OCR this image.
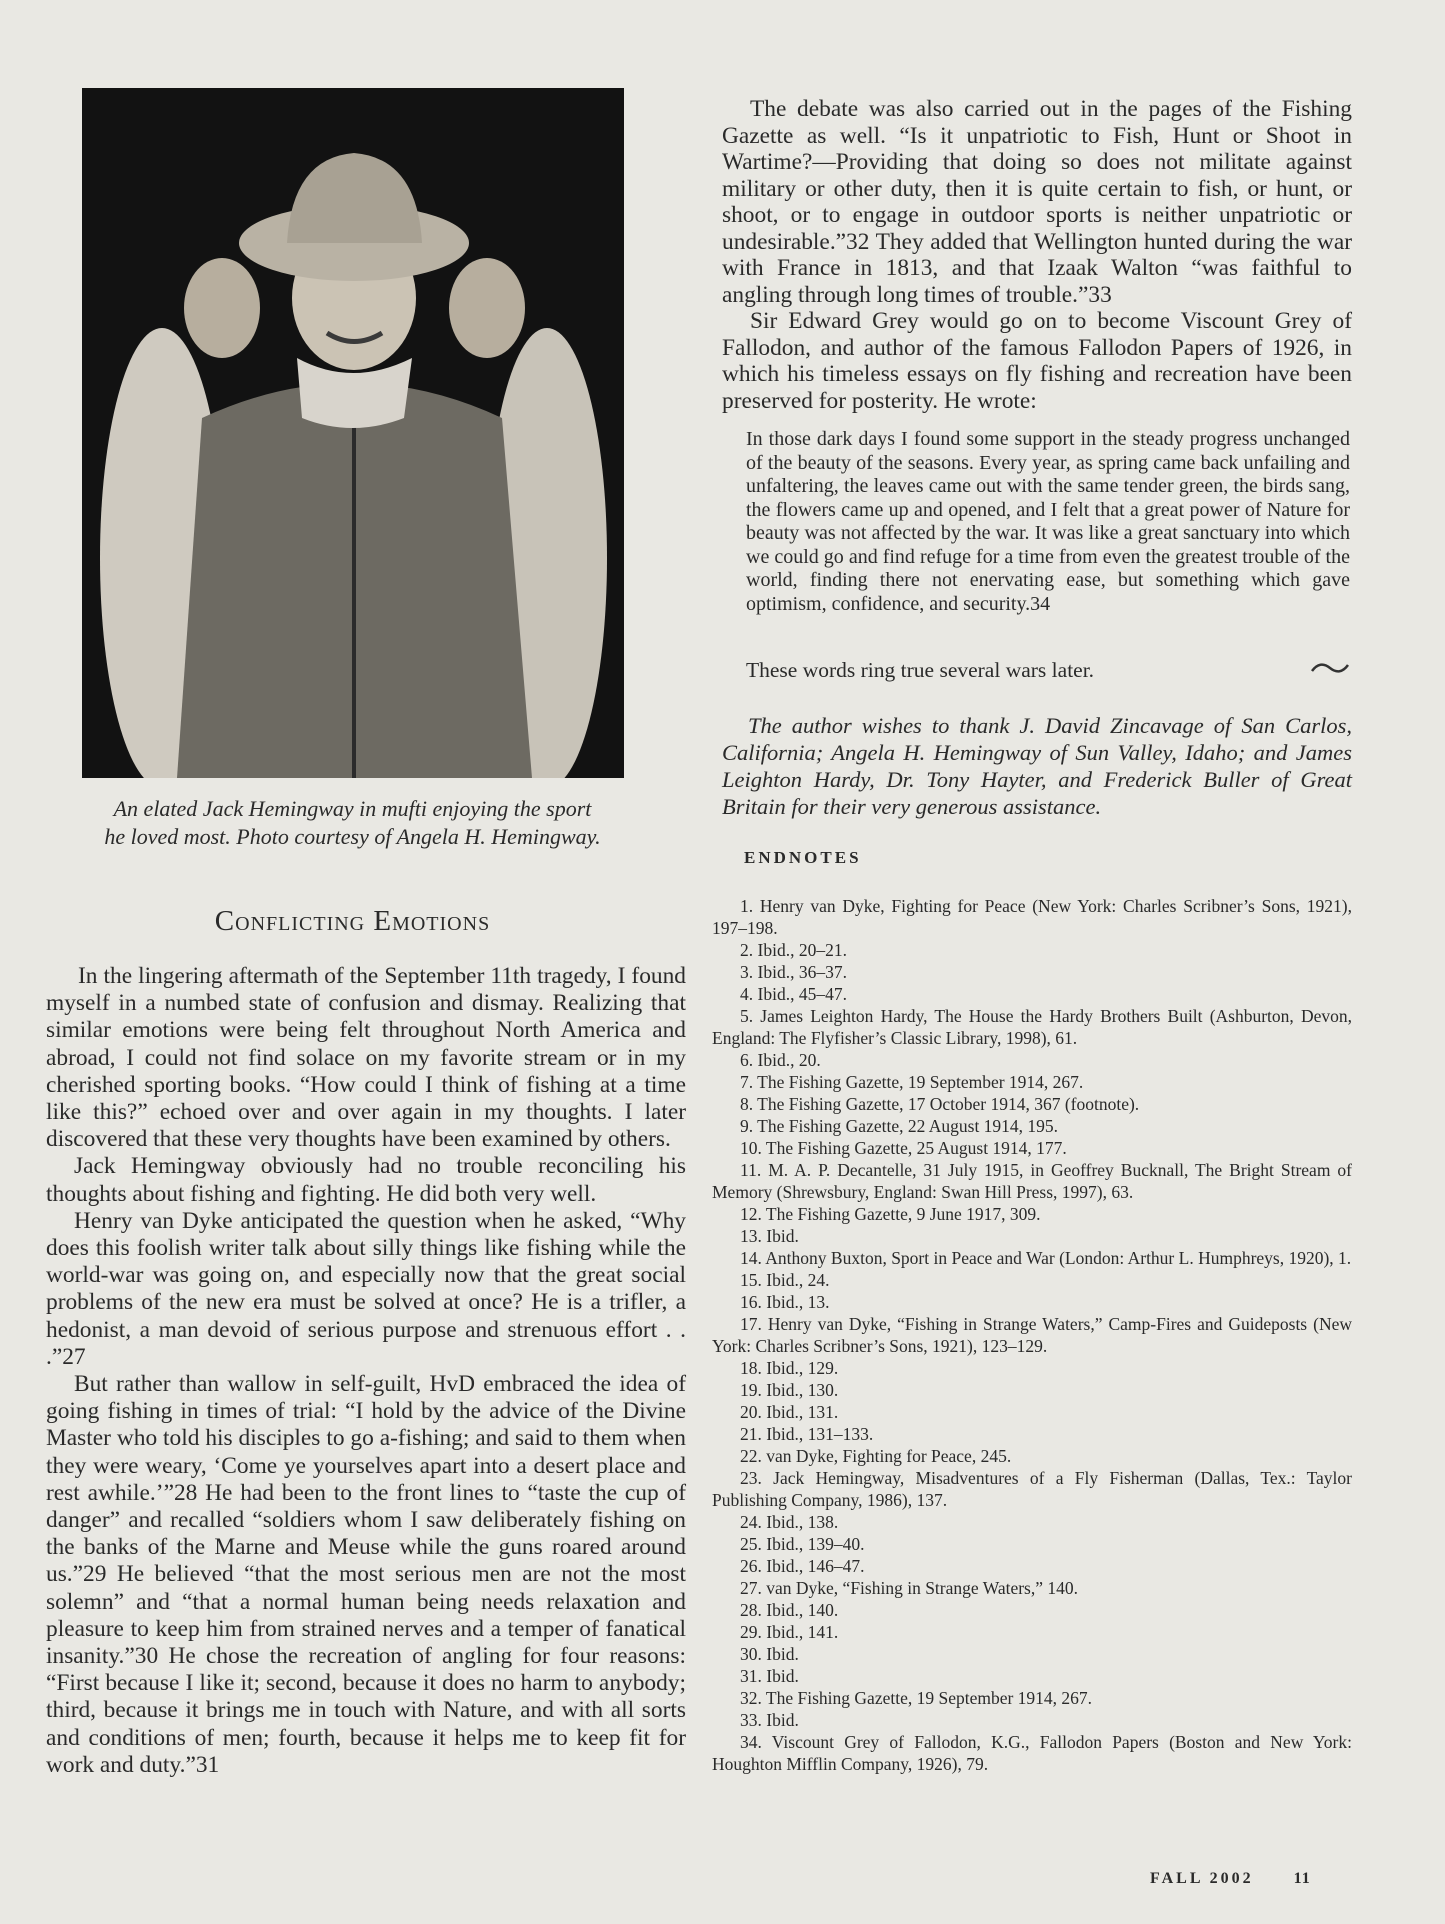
An elated Jack Hemingway in mufti enjoying the sport
he loved most. Photo courtesy of Angela H. Hemingway.
Conflicting Emotions

In the lingering aftermath of the September 11th tragedy, I found myself in a numbed state of confusion and dismay. Realizing that similar emotions were being felt throughout North America and abroad, I could not find solace on my favorite stream or in my cherished sporting books. “How could I think of fishing at a time like this?” echoed over and over again in my thoughts. I later discovered that these very thoughts have been examined by others.

Jack Hemingway obviously had no trouble reconciling his thoughts about fishing and fighting. He did both very well.

Henry van Dyke anticipated the question when he asked, “Why does this foolish writer talk about silly things like fishing while the world-war was going on, and especially now that the great social problems of the new era must be solved at once? He is a trifler, a hedonist, a man devoid of serious purpose and strenuous effort . . .”27

But rather than wallow in self-guilt, HvD embraced the idea of going fishing in times of trial: “I hold by the advice of the Divine Master who told his disciples to go a-fishing; and said to them when they were weary, ‘Come ye yourselves apart into a desert place and rest awhile.’”28 He had been to the front lines to “taste the cup of danger” and recalled “soldiers whom I saw deliberately fishing on the banks of the Marne and Meuse while the guns roared around us.”29 He believed “that the most serious men are not the most solemn” and “that a normal human being needs relaxation and pleasure to keep him from strained nerves and a temper of fanatical insanity.”30 He chose the recreation of angling for four reasons: “First because I like it; second, because it does no harm to anybody; third, because it brings me in touch with Nature, and with all sorts and conditions of men; fourth, because it helps me to keep fit for work and duty.”31

The debate was also carried out in the pages of the Fishing Gazette as well. “Is it unpatriotic to Fish, Hunt or Shoot in Wartime?—Providing that doing so does not militate against military or other duty, then it is quite certain to fish, or hunt, or shoot, or to engage in outdoor sports is neither unpatriotic or undesirable.”32 They added that Wellington hunted during the war with France in 1813, and that Izaak Walton “was faithful to angling through long times of trouble.”33

Sir Edward Grey would go on to become Viscount Grey of Fallodon, and author of the famous Fallodon Papers of 1926, in which his timeless essays on fly fishing and recreation have been preserved for posterity. He wrote:

In those dark days I found some support in the steady progress unchanged of the beauty of the seasons. Every year, as spring came back unfailing and unfaltering, the leaves came out with the same tender green, the birds sang, the flowers came up and opened, and I felt that a great power of Nature for beauty was not affected by the war. It was like a great sanctuary into which we could go and find refuge for a time from even the greatest trouble of the world, finding there not enervating ease, but something which gave optimism, confidence, and security.34
These words ring true several wars later.

The author wishes to thank J. David Zincavage of San Carlos, California; Angela H. Hemingway of Sun Valley, Idaho; and James Leighton Hardy, Dr. Tony Hayter, and Frederick Buller of Great Britain for their very generous assistance.

ENDNOTES

1. Henry van Dyke, Fighting for Peace (New York: Charles Scribner’s Sons, 1921), 197–198.

2. Ibid., 20–21.

3. Ibid., 36–37.

4. Ibid., 45–47.

5. James Leighton Hardy, The House the Hardy Brothers Built (Ashburton, Devon, England: The Flyfisher’s Classic Library, 1998), 61.

6. Ibid., 20.

7. The Fishing Gazette, 19 September 1914, 267.

8. The Fishing Gazette, 17 October 1914, 367 (footnote).

9. The Fishing Gazette, 22 August 1914, 195.

10. The Fishing Gazette, 25 August 1914, 177.

11. M. A. P. Decantelle, 31 July 1915, in Geoffrey Bucknall, The Bright Stream of Memory (Shrewsbury, England: Swan Hill Press, 1997), 63.

12. The Fishing Gazette, 9 June 1917, 309.

13. Ibid.

14. Anthony Buxton, Sport in Peace and War (London: Arthur L. Humphreys, 1920), 1.

15. Ibid., 24.

16. Ibid., 13.

17. Henry van Dyke, “Fishing in Strange Waters,” Camp-Fires and Guideposts (New York: Charles Scribner’s Sons, 1921), 123–129.

18. Ibid., 129.

19. Ibid., 130.

20. Ibid., 131.

21. Ibid., 131–133.

22. van Dyke, Fighting for Peace, 245.

23. Jack Hemingway, Misadventures of a Fly Fisherman (Dallas, Tex.: Taylor Publishing Company, 1986), 137.

24. Ibid., 138.

25. Ibid., 139–40.

26. Ibid., 146–47.

27. van Dyke, “Fishing in Strange Waters,” 140.

28. Ibid., 140.

29. Ibid., 141.

30. Ibid.

31. Ibid.

32. The Fishing Gazette, 19 September 1914, 267.

33. Ibid.

34. Viscount Grey of Fallodon, K.G., Fallodon Papers (Boston and New York: Houghton Mifflin Company, 1926), 79.

FALL 2002	11
